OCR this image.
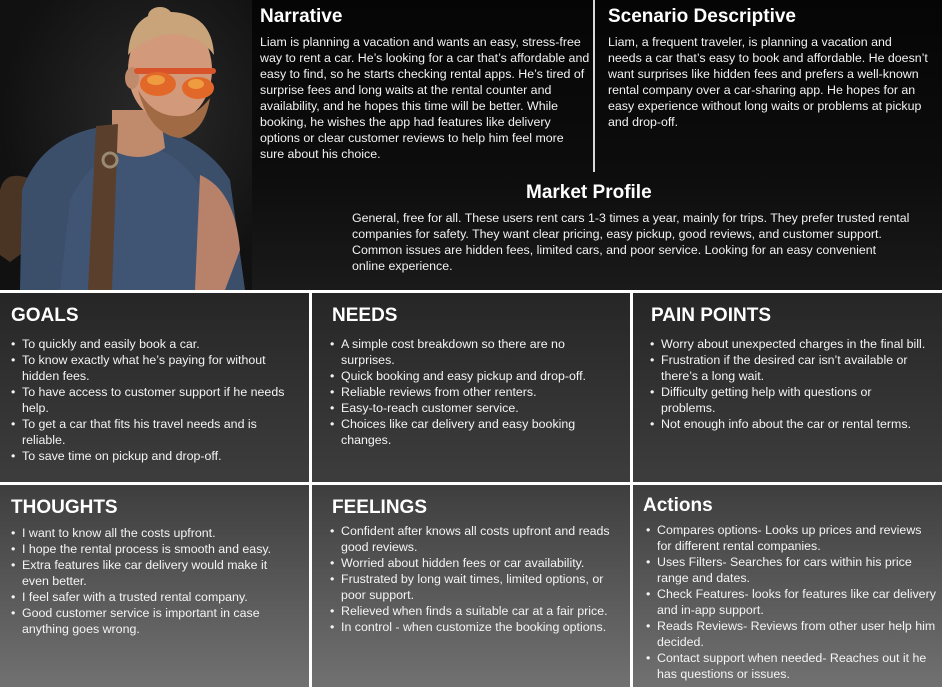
Narrative
Liam is planning a vacation and wants an easy, stress-free way to rent a car. He’s looking for a car that’s affordable and easy to find, so he starts checking rental apps. He’s tired of surprise fees and long waits at the rental counter and availability, and he hopes this time will be better. While booking, he wishes the app had features like delivery options or clear customer reviews to help him feel more sure about his choice.
Scenario Descriptive
Liam, a frequent traveler, is planning a vacation and needs a car that’s easy to book and affordable. He doesn’t want surprises like hidden fees and prefers a well-known rental company over a car-sharing app. He hopes for an easy experience without long waits or problems at pickup and drop-off.
Market Profile
General, free for all. These users rent cars 1-3 times a year, mainly for trips. They prefer trusted rental companies for safety. They want clear pricing, easy pickup, good reviews, and customer support. Common issues are hidden fees, limited cars, and poor service. Looking for an easy convenient online experience.
GOALS
• To quickly and easily book a car.
• To know exactly what he’s paying for without hidden fees.
• To have access to customer support if he needs help.
• To get a car that fits his travel needs and is reliable.
• To save time on pickup and drop-off.
NEEDS
• A simple cost breakdown so there are no surprises.
• Quick booking and easy pickup and drop-off.
• Reliable reviews from other renters.
• Easy-to-reach customer service.
• Choices like car delivery and easy booking changes.
PAIN POINTS
• Worry about unexpected charges in the final bill.
• Frustration if the desired car isn’t available or there’s a long wait.
• Difficulty getting help with questions or problems.
• Not enough info about the car or rental terms.
THOUGHTS
• I want to know all the costs upfront.
• I hope the rental process is smooth and easy.
• Extra features like car delivery would make it even better.
• I feel safer with a trusted rental company.
• Good customer service is important in case anything goes wrong.
FEELINGS
• Confident after knows all costs upfront and reads good reviews.
• Worried about hidden fees or car availability.
• Frustrated by long wait times, limited options, or poor support.
• Relieved when finds a suitable car at a fair price.
• In control - when customize the booking options.
Actions
• Compares options- Looks up prices and reviews for different rental companies.
• Uses Filters- Searches for cars within his price range and dates.
• Check Features- looks for features like car delivery and in-app support.
• Reads Reviews- Reviews from other user help him decided.
• Contact support when needed- Reaches out it he has questions or issues.
